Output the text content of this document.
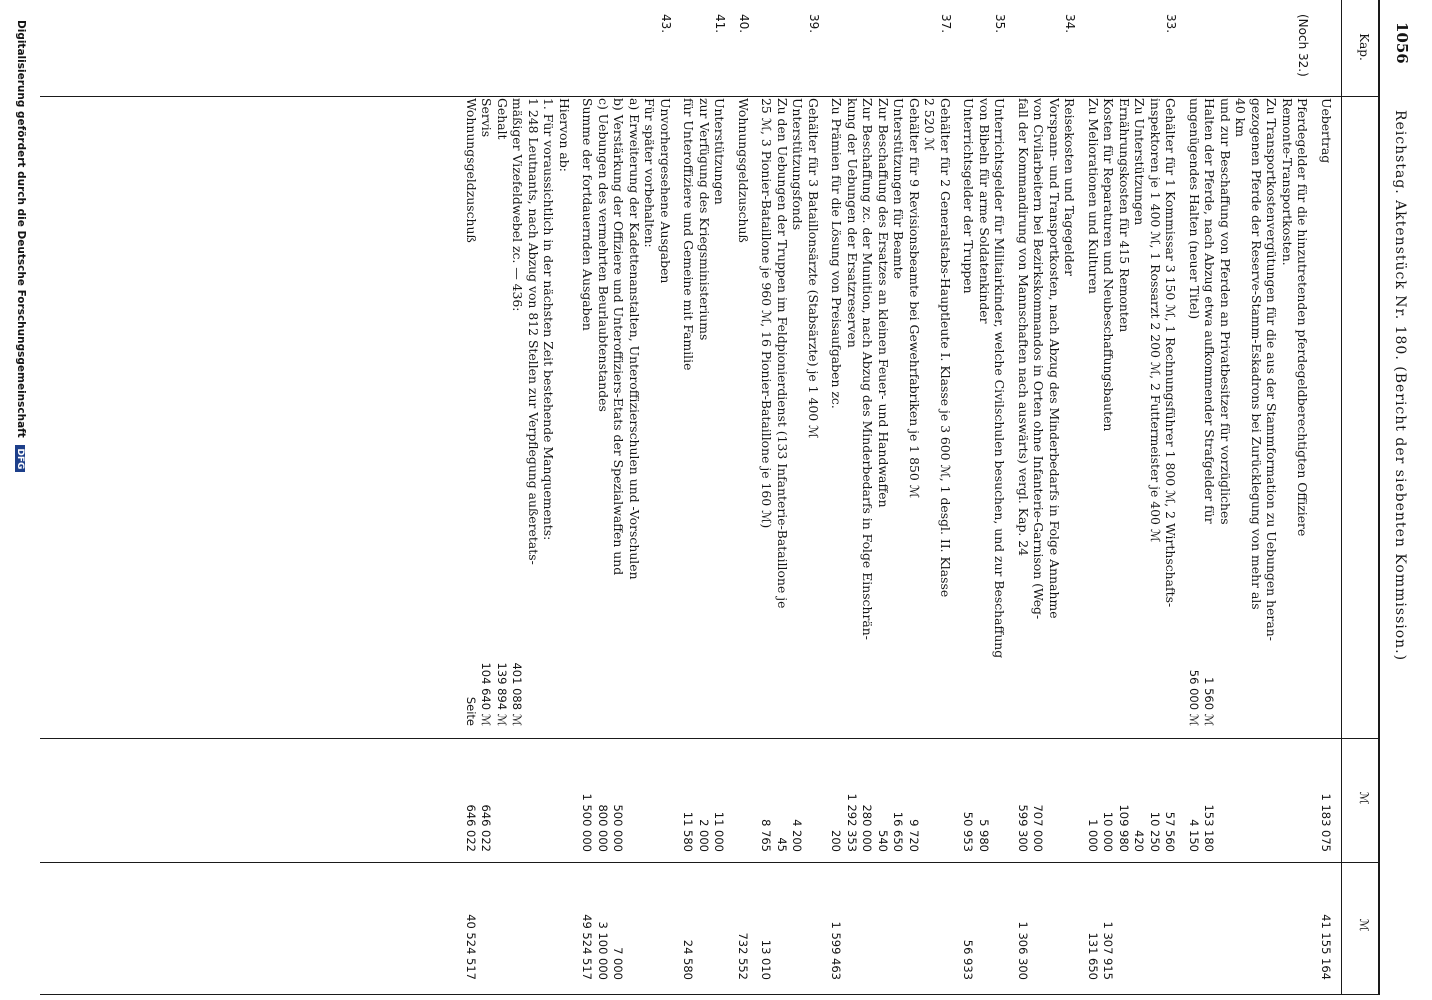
1056
Reichstag. Aktenstück Nr. 180. (Bericht der siebenten Kommission.)
Kap.
ℳ
ℳ
Uebertrag
1 183 075
41 155 164
(Noch 32.)
Pferdegelder für die hinzutretenden pferdegeldberechtigten Offiziere
Remonte-Transportkosten.
Zu Transportkostenvergütungen für die aus der Stammformation zu Uebungen heran-
gezogenen Pferde der Reserve-Stamm-Eskadrons bei Zurücklegung von mehr als
40 km
und zur Beschaffung von Pferden an Privatbesitzer für vorzügliches
Halten der Pferde, nach Abzug etwa aufkommender Strafgelder für
ungenügendes Halten (neuer Titel)
153 180
4 150
1 560 ℳ
56 000 ℳ
33.
Gehälter für 1 Kommissar 3 150 ℳ, 1 Rechnungsführer 1 800 ℳ, 2 Wirthschafts-
inspektoren je 1 400 ℳ, 1 Rossarzt 2 200 ℳ, 2 Futtermeister je 400 ℳ
Zu Unterstützungen
Ernährungskosten für 415 Remonten
Kosten für Reparaturen und Neubeschaffungsbauten
Zu Meliorationen und Kulturen
57 560
10 250
420
109 980
10 000
1 000
1 307 915
131 650
34.
Reisekosten und Tagegelder
Vorspann- und Transportkosten, nach Abzug des Minderbedarfs in Folge Annahme
von Civilarbeitern bei Bezirkskommandos in Orten ohne Infanterie-Garnison (Weg-
fall der Kommandirung von Mannschaften nach auswärts) vergl. Kap. 24
707 000
599 300
1 306 300
35.
Unterrichtsgelder für Militairkinder, welche Civilschulen besuchen, und zur Beschaffung
von Bibeln für arme Soldatenkinder
Unterrichtsgelder der Truppen
5 980
50 953
56 933
37.
Gehälter für 2 Generalstabs-Hauptleute I. Klasse je 3 600 ℳ, 1 desgl. II. Klasse
2 520 ℳ
Gehälter für 9 Revisionsbeamte bei Gewehrfabriken je 1 850 ℳ
Unterstützungen für Beamte
Zur Beschaffung des Ersatzes an kleinen Feuer- und Handwaffen
Zur Beschaffung zc. der Munition, nach Abzug des Minderbedarfs in Folge Einschrän-
kung der Uebungen der Ersatzreserven
Zu Prämien für die Lösung von Preisaufgaben zc.
9 720
16 650
540
280 000
1 292 353
200
1 599 463
39.
Gehälter für 3 Bataillonsärzte (Stabsärzte) je 1 400 ℳ
Unterstützungsfonds
Zu den Uebungen der Truppen im Feldpionierdienst (133 Infanterie-Bataillone je
25 ℳ, 3 Pionier-Bataillone je 960 ℳ, 16 Pionier-Bataillone je 160 ℳ)
4 200
45
8 765
13 010
40.
Wohnungsgeldzuschuß
732 552
41.
Unterstützungen
zur Verfügung des Kriegsministeriums
für Unteroffiziere und Gemeine mit Familie
11 000
2 000
11 580
24 580
43.
Unvorhergesehene Ausgaben
Für später vorbehalten:
a) Erweiterung der Kadettenanstalten, Unteroffizierschulen und -Vorschulen
b) Verstärkung der Offiziere und Unteroffiziers-Etats der Spezialwaffen und
c) Uebungen des vermehrten Beurlaubtenstandes
Summe der fortdauernden Ausgaben
500 000
800 000
1 500 000
7 000
3 100 000
49 524 517
Hiervon ab:
1. Für voraussichtlich in der nächsten Zeit bestehende Manquements:
1 248 Leutnants, nach Abzug von 812 Stellen zur Verpflegung außeretats-
mäßiger Vizefeldwebel zc. — 436:
Gehalt
Servis
Wohnungsgeldzuschuß
646 022
646 022
40 524 517
401 088 ℳ
139 894 ℳ
104 640 ℳ
Seite
Digitalisierung gefördert durch die Deutsche Forschungsgemeinschaft DFG
